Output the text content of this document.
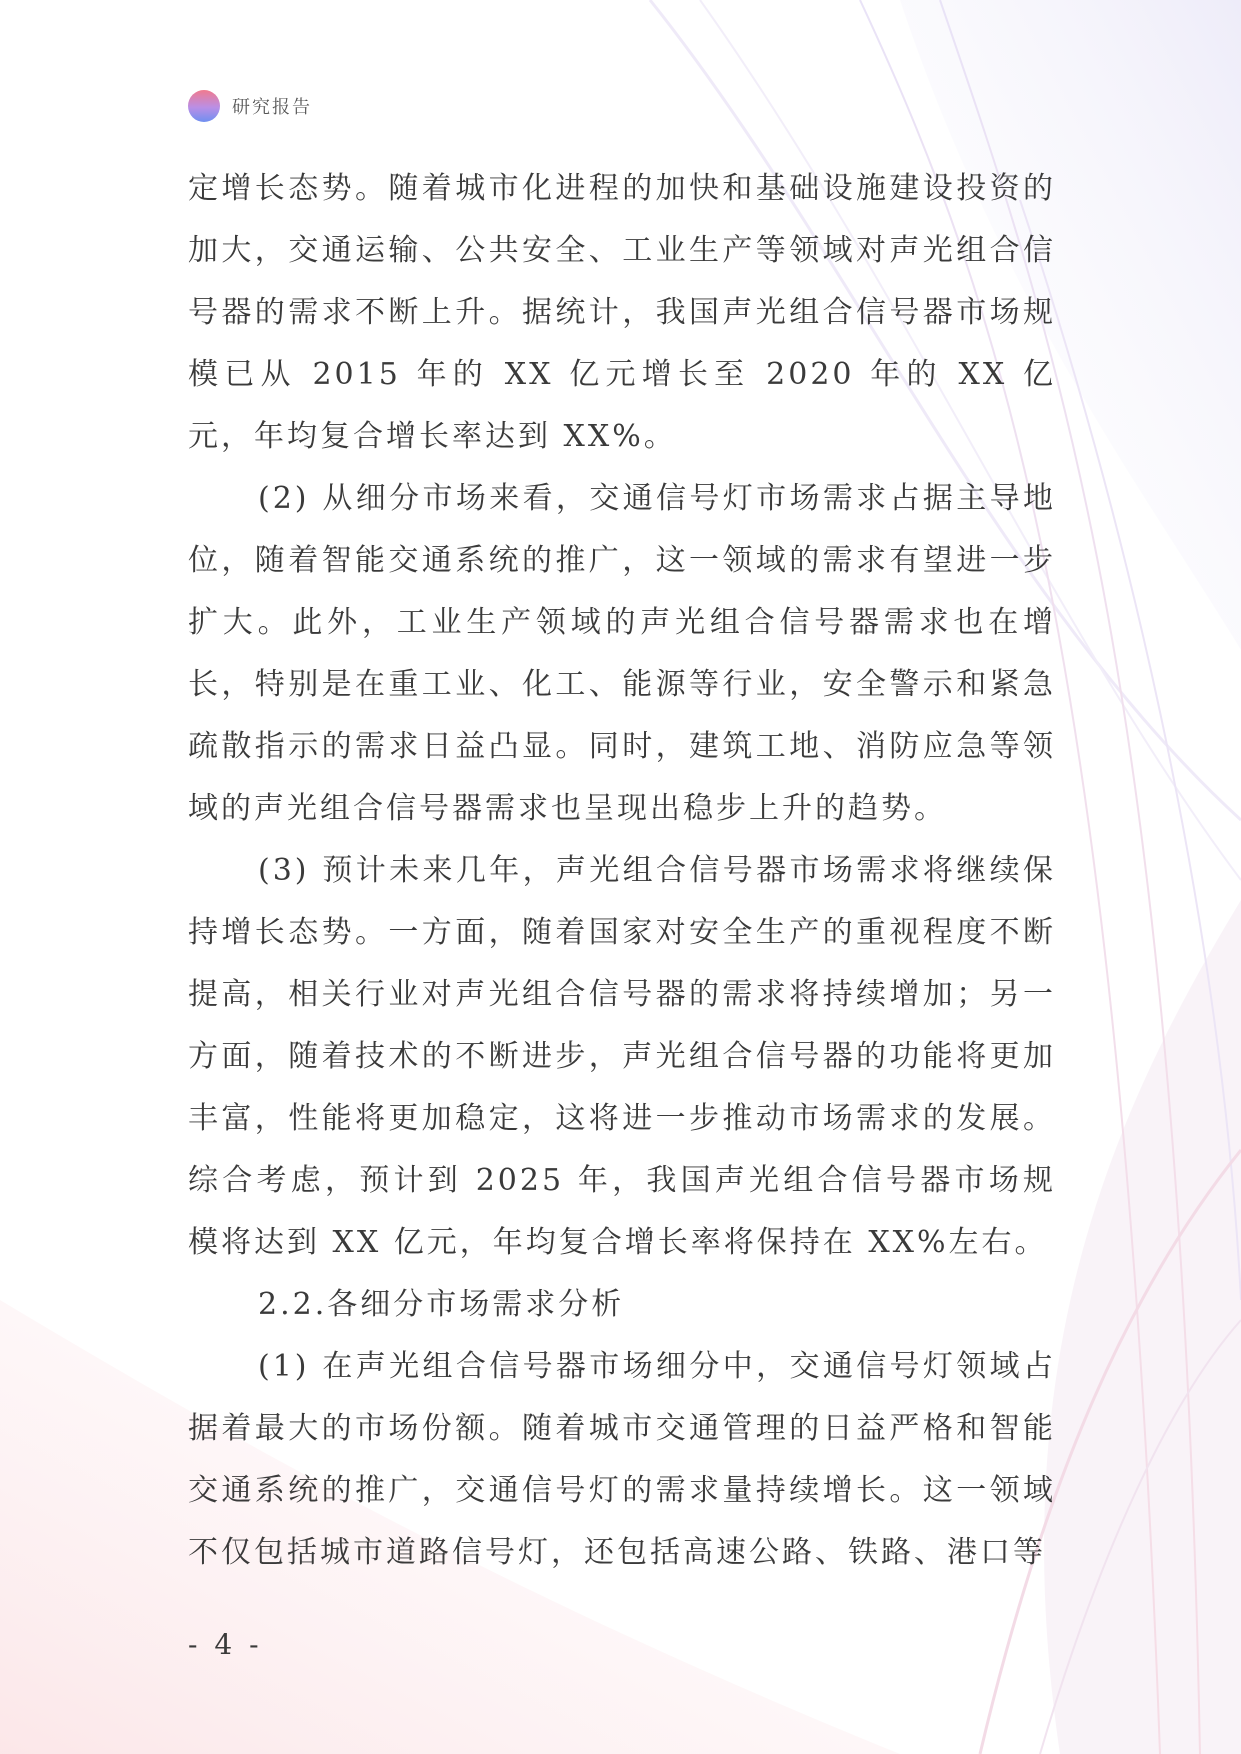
研究报告

定增长态势。随着城市化进程的加快和基础设施建设投资的加大，交通运输、公共安全、工业生产等领域对声光组合信号器的需求不断上升。据统计，我国声光组合信号器市场规模已从 2015 年的 XX 亿元增长至 2020 年的 XX 亿元，年均复合增长率达到 XX%。

(2) 从细分市场来看，交通信号灯市场需求占据主导地位，随着智能交通系统的推广，这一领域的需求有望进一步扩大。此外，工业生产领域的声光组合信号器需求也在增长，特别是在重工业、化工、能源等行业，安全警示和紧急疏散指示的需求日益凸显。同时，建筑工地、消防应急等领域的声光组合信号器需求也呈现出稳步上升的趋势。

(3) 预计未来几年，声光组合信号器市场需求将继续保持增长态势。一方面，随着国家对安全生产的重视程度不断提高，相关行业对声光组合信号器的需求将持续增加；另一方面，随着技术的不断进步，声光组合信号器的功能将更加丰富，性能将更加稳定，这将进一步推动市场需求的发展。综合考虑，预计到 2025 年，我国声光组合信号器市场规模将达到 XX 亿元，年均复合增长率将保持在 XX%左右。

2.2.各细分市场需求分析

(1) 在声光组合信号器市场细分中，交通信号灯领域占据着最大的市场份额。随着城市交通管理的日益严格和智能交通系统的推广，交通信号灯的需求量持续增长。这一领域不仅包括城市道路信号灯，还包括高速公路、铁路、港口等

- 4 -
